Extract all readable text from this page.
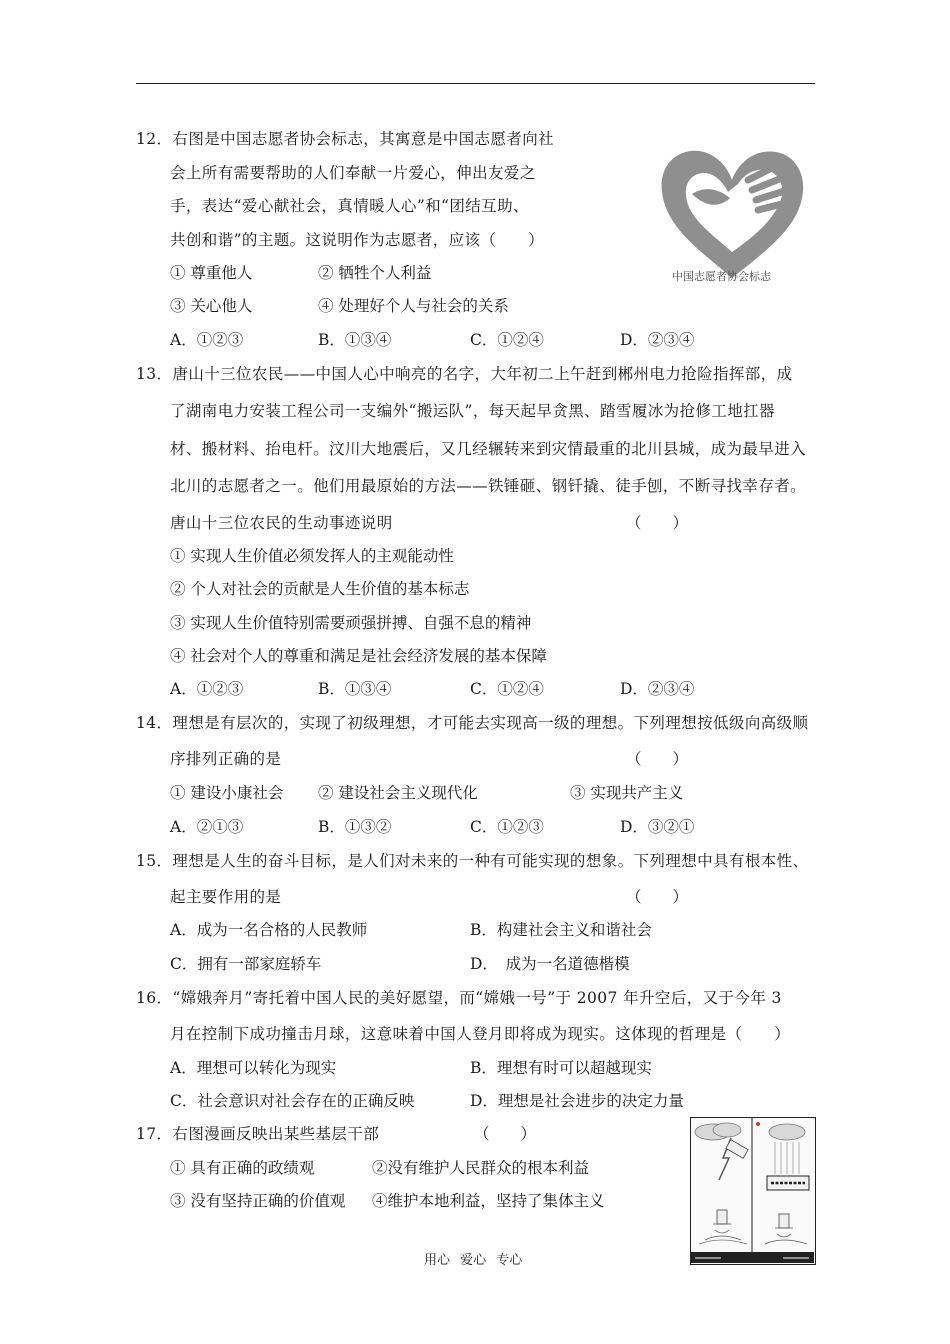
12．右图是中国志愿者协会标志，其寓意是中国志愿者向社
会上所有需要帮助的人们奉献一片爱心，伸出友爱之
手，表达“爱心献社会，真情暖人心”和“团结互助、
共创和谐”的主题。这说明作为志愿者，应该（　　）
① 尊重他人	② 牺牲个人利益
③ 关心他人	④ 处理好个人与社会的关系
A．①②③	B．①③④	C．①②④	D．②③④
中国志愿者协会标志
13．唐山十三位农民——中国人心中响亮的名字，大年初二上午赶到郴州电力抢险指挥部，成
了湖南电力安装工程公司一支编外“搬运队”，每天起早贪黑、踏雪履冰为抢修工地扛器
材、搬材料、抬电杆。汶川大地震后，又几经辗转来到灾情最重的北川县城，成为最早进入
北川的志愿者之一。他们用最原始的方法——铁锤砸、钢钎撬、徒手刨，不断寻找幸存者。
唐山十三位农民的生动事迹说明	（　　）
① 实现人生价值必须发挥人的主观能动性
② 个人对社会的贡献是人生价值的基本标志
③ 实现人生价值特别需要顽强拼搏、自强不息的精神
④ 社会对个人的尊重和满足是社会经济发展的基本保障
A．①②③	B．①③④	C．①②④	D．②③④
14．理想是有层次的，实现了初级理想，才可能去实现高一级的理想。下列理想按低级向高级顺
序排列正确的是	（　　）
① 建设小康社会 ② 建设社会主义现代化	③ 实现共产主义
A．②①③	B．①③②	C．①②③	D．③②①
15．理想是人生的奋斗目标，是人们对未来的一种有可能实现的想象。下列理想中具有根本性、
起主要作用的是	（　　）
A．成为一名合格的人民教师	B．构建社会主义和谐社会
C．拥有一部家庭轿车	D．　成为一名道德楷模
16．“嫦娥奔月”寄托着中国人民的美好愿望，而“嫦娥一号”于 2007 年升空后，又于今年 3
月在控制下成功撞击月球，这意味着中国人登月即将成为现实。这体现的哲理是（　　）
A．理想可以转化为现实	B．理想有时可以超越现实
C．社会意识对社会存在的正确反映	D．理想是社会进步的决定力量
17．右图漫画反映出某些基层干部	（　　）
① 具有正确的政绩观	②没有维护人民群众的根本利益
③ 没有坚持正确的价值观 ④维护本地利益，坚持了集体主义
用心 爱心 专心
